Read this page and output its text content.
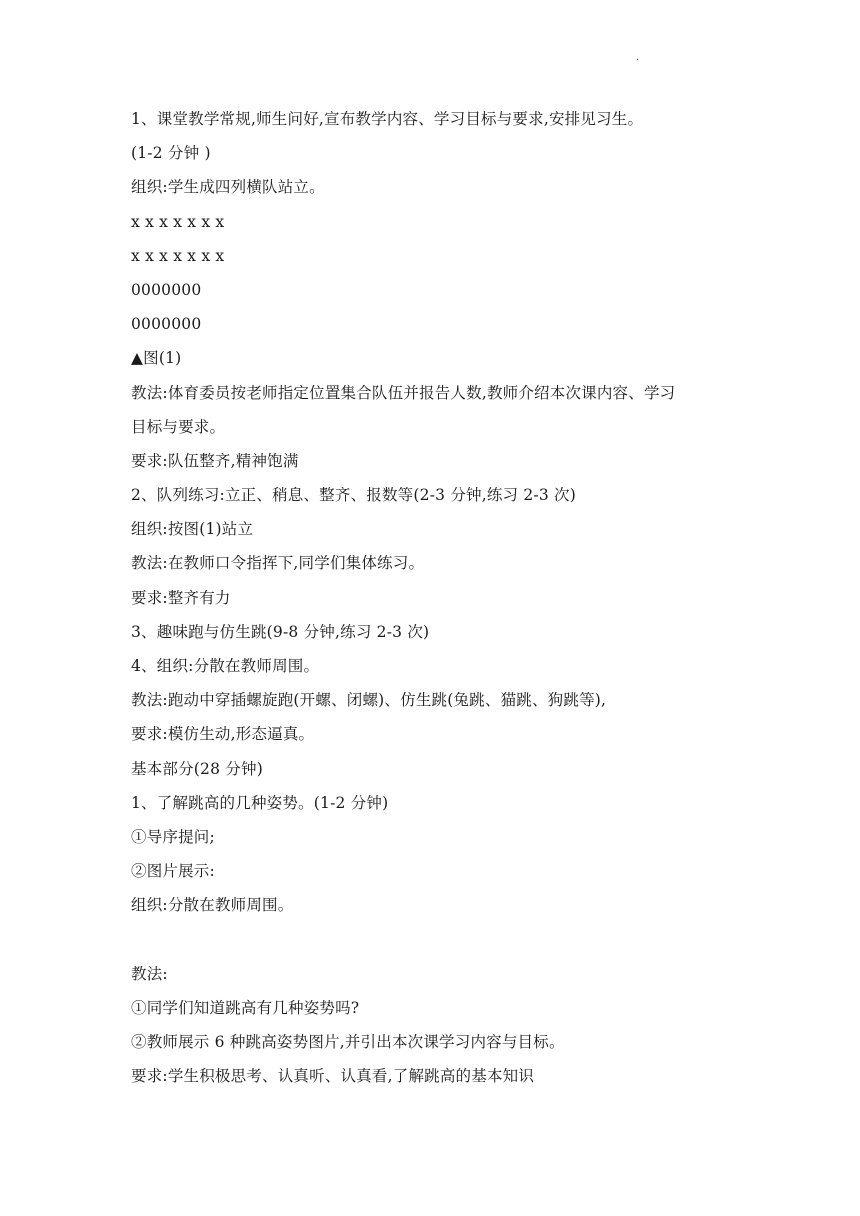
.
1、课堂教学常规,师生问好,宣布教学内容、学习目标与要求,安排见习生。
(1-2 分钟 )
组织:学生成四列横队站立。
x x x x x x x
x x x x x x x
0000000
0000000
▲图(1)
教法:体育委员按老师指定位置集合队伍并报告人数,教师介绍本次课内容、学习
目标与要求。
要求:队伍整齐,精神饱满
2、队列练习:立正、稍息、整齐、报数等(2-3 分钟,练习 2-3 次)
组织:按图(1)站立
教法:在教师口令指挥下,同学们集体练习。
要求:整齐有力
3、趣味跑与仿生跳(9-8 分钟,练习 2-3 次)
4、组织:分散在教师周围。
教法:跑动中穿插螺旋跑(开螺、闭螺)、仿生跳(兔跳、猫跳、狗跳等),
要求:模仿生动,形态逼真。
基本部分(28 分钟)
1、了解跳高的几种姿势。(1-2 分钟)
①导序提问;
②图片展示:
组织:分散在教师周围。
教法:
①同学们知道跳高有几种姿势吗?
②教师展示 6 种跳高姿势图片,并引出本次课学习内容与目标。
要求:学生积极思考、认真听、认真看,了解跳高的基本知识
